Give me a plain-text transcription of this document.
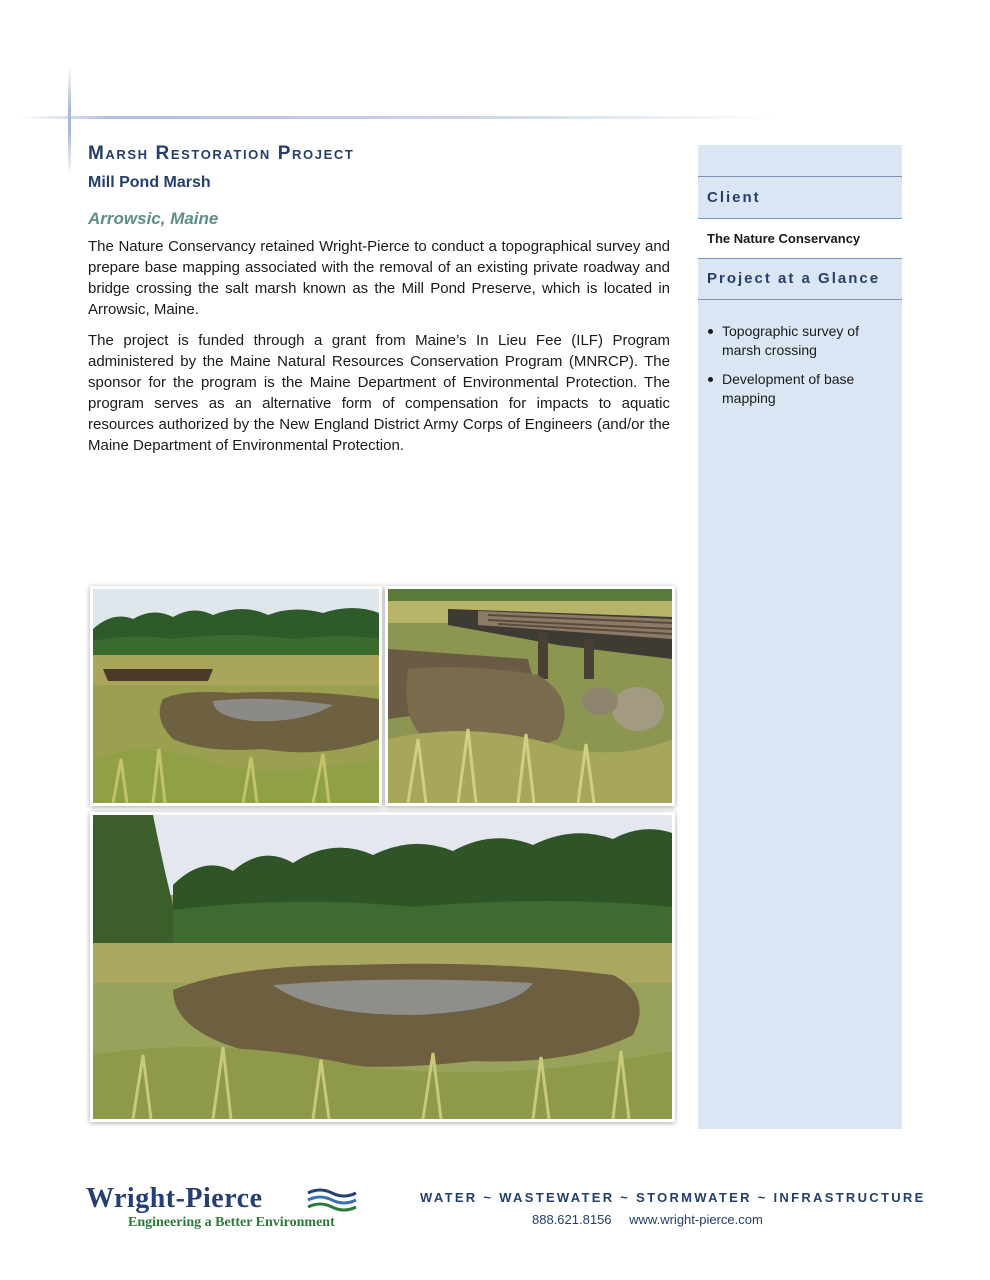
Marsh Restoration Project
Mill Pond Marsh
Arrowsic, Maine

The Nature Conservancy retained Wright-Pierce to conduct a topographical survey and prepare base mapping associated with the removal of an existing private roadway and bridge crossing the salt marsh known as the Mill Pond Preserve, which is located in Arrowsic, Maine.

The project is funded through a grant from Maine’s In Lieu Fee (ILF) Program administered by the Maine Natural Resources Conservation Program (MNRCP). The sponsor for the program is the Maine Department of Environmental Protection. The program serves as an alternative form of compensation for impacts to aquatic resources authorized by the New England District Army Corps of Engineers (and/or the Maine Department of Environmental Protection.

Client
The Nature Conservancy
Project at a Glance
Topographic survey of marsh crossing
Development of base mapping
Wright-Pierce
Engineering a Better Environment
WATER ~ WASTEWATER ~ STORMWATER ~ INFRASTRUCTURE
888.621.8156 www.wright-pierce.com
